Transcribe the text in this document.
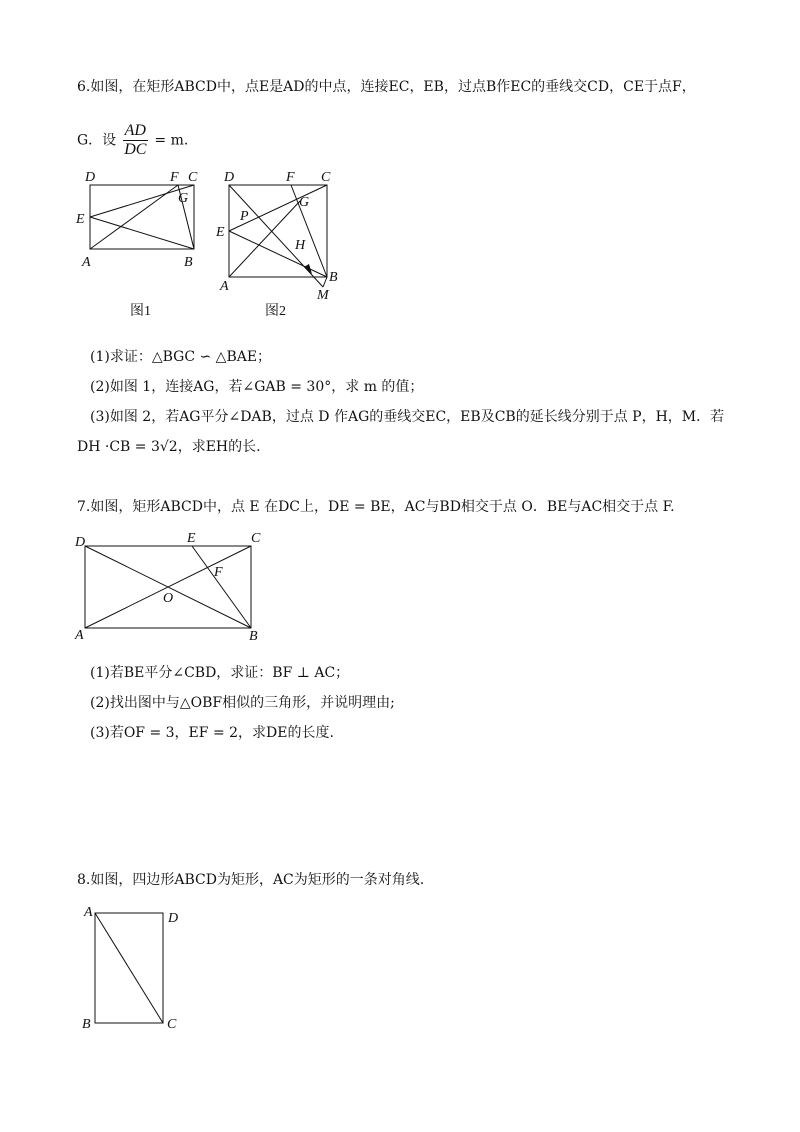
6.如图，在矩形ABCD中，点E是AD的中点，连接EC，EB，过点B作EC的垂线交CD，CE于点F，
G．设 $\frac{AD}{DC} = m$.
D	F C
G
E
A	B
图1
D	F C
P
G
E
H
A
B
M
图2
(1)求证：△BGC ∽ △BAE；
(2)如图 1，连接AG，若∠GAB = 30°，求 m 的值；
(3)如图 2，若AG平分∠DAB，过点 D 作AG的垂线交EC，EB及CB的延长线分别于点 P，H，M．若
DH ·CB = 3√2，求EH的长.
7.如图，矩形ABCD中，点 E 在DC上，DE = BE，AC与BD相交于点 O．BE与AC相交于点 F.
D	E	C
F
O
A	B
(1)若BE平分∠CBD，求证：BF ⊥ AC；
(2)找出图中与△OBF相似的三角形，并说明理由;
(3)若OF = 3，EF = 2，求DE的长度.
8.如图，四边形ABCD为矩形，AC为矩形的一条对角线.
A	D
B	C
